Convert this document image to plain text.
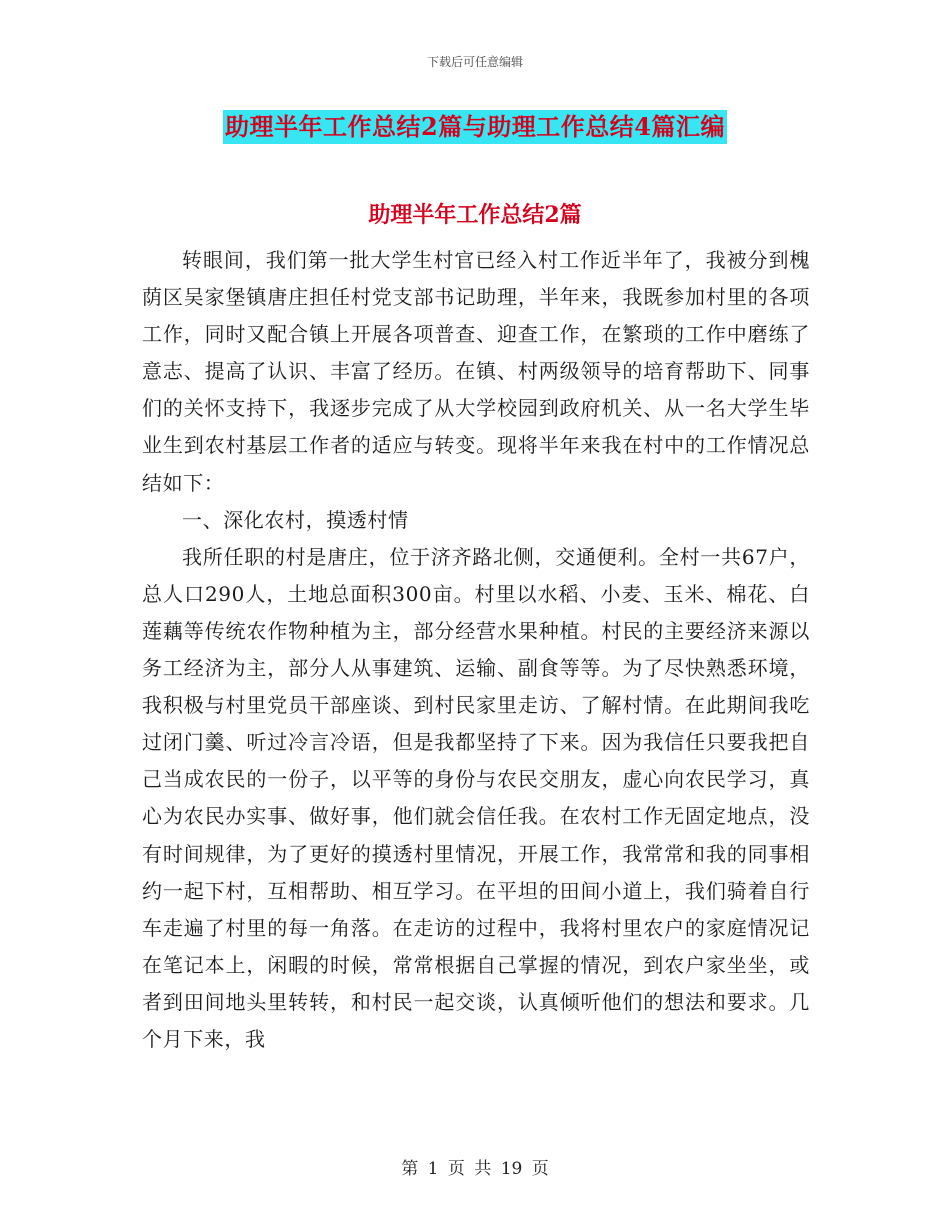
下载后可任意编辑
助理半年工作总结2篇与助理工作总结4篇汇编
助理半年工作总结2篇

转眼间，我们第一批大学生村官已经入村工作近半年了，我被分到槐荫区吴家堡镇唐庄担任村党支部书记助理，半年来，我既参加村里的各项工作，同时又配合镇上开展各项普查、迎查工作，在繁琐的工作中磨练了意志、提高了认识、丰富了经历。在镇、村两级领导的培育帮助下、同事们的关怀支持下，我逐步完成了从大学校园到政府机关、从一名大学生毕业生到农村基层工作者的适应与转变。现将半年来我在村中的工作情况总结如下：

一、深化农村，摸透村情

我所任职的村是唐庄，位于济齐路北侧，交通便利。全村一共67户，总人口290人，土地总面积300亩。村里以水稻、小麦、玉米、棉花、白莲藕等传统农作物种植为主，部分经营水果种植。村民的主要经济来源以务工经济为主，部分人从事建筑、运输、副食等等。为了尽快熟悉环境，我积极与村里党员干部座谈、到村民家里走访、了解村情。在此期间我吃过闭门羹、听过冷言冷语，但是我都坚持了下来。因为我信任只要我把自己当成农民的一份子，以平等的身份与农民交朋友，虚心向农民学习，真心为农民办实事、做好事，他们就会信任我。在农村工作无固定地点，没有时间规律，为了更好的摸透村里情况，开展工作，我常常和我的同事相约一起下村，互相帮助、相互学习。在平坦的田间小道上，我们骑着自行车走遍了村里的每一角落。在走访的过程中，我将村里农户的家庭情况记在笔记本上，闲暇的时候，常常根据自己掌握的情况，到农户家坐坐，或者到田间地头里转转，和村民一起交谈，认真倾听他们的想法和要求。几个月下来，我

第 1 页 共 19 页
